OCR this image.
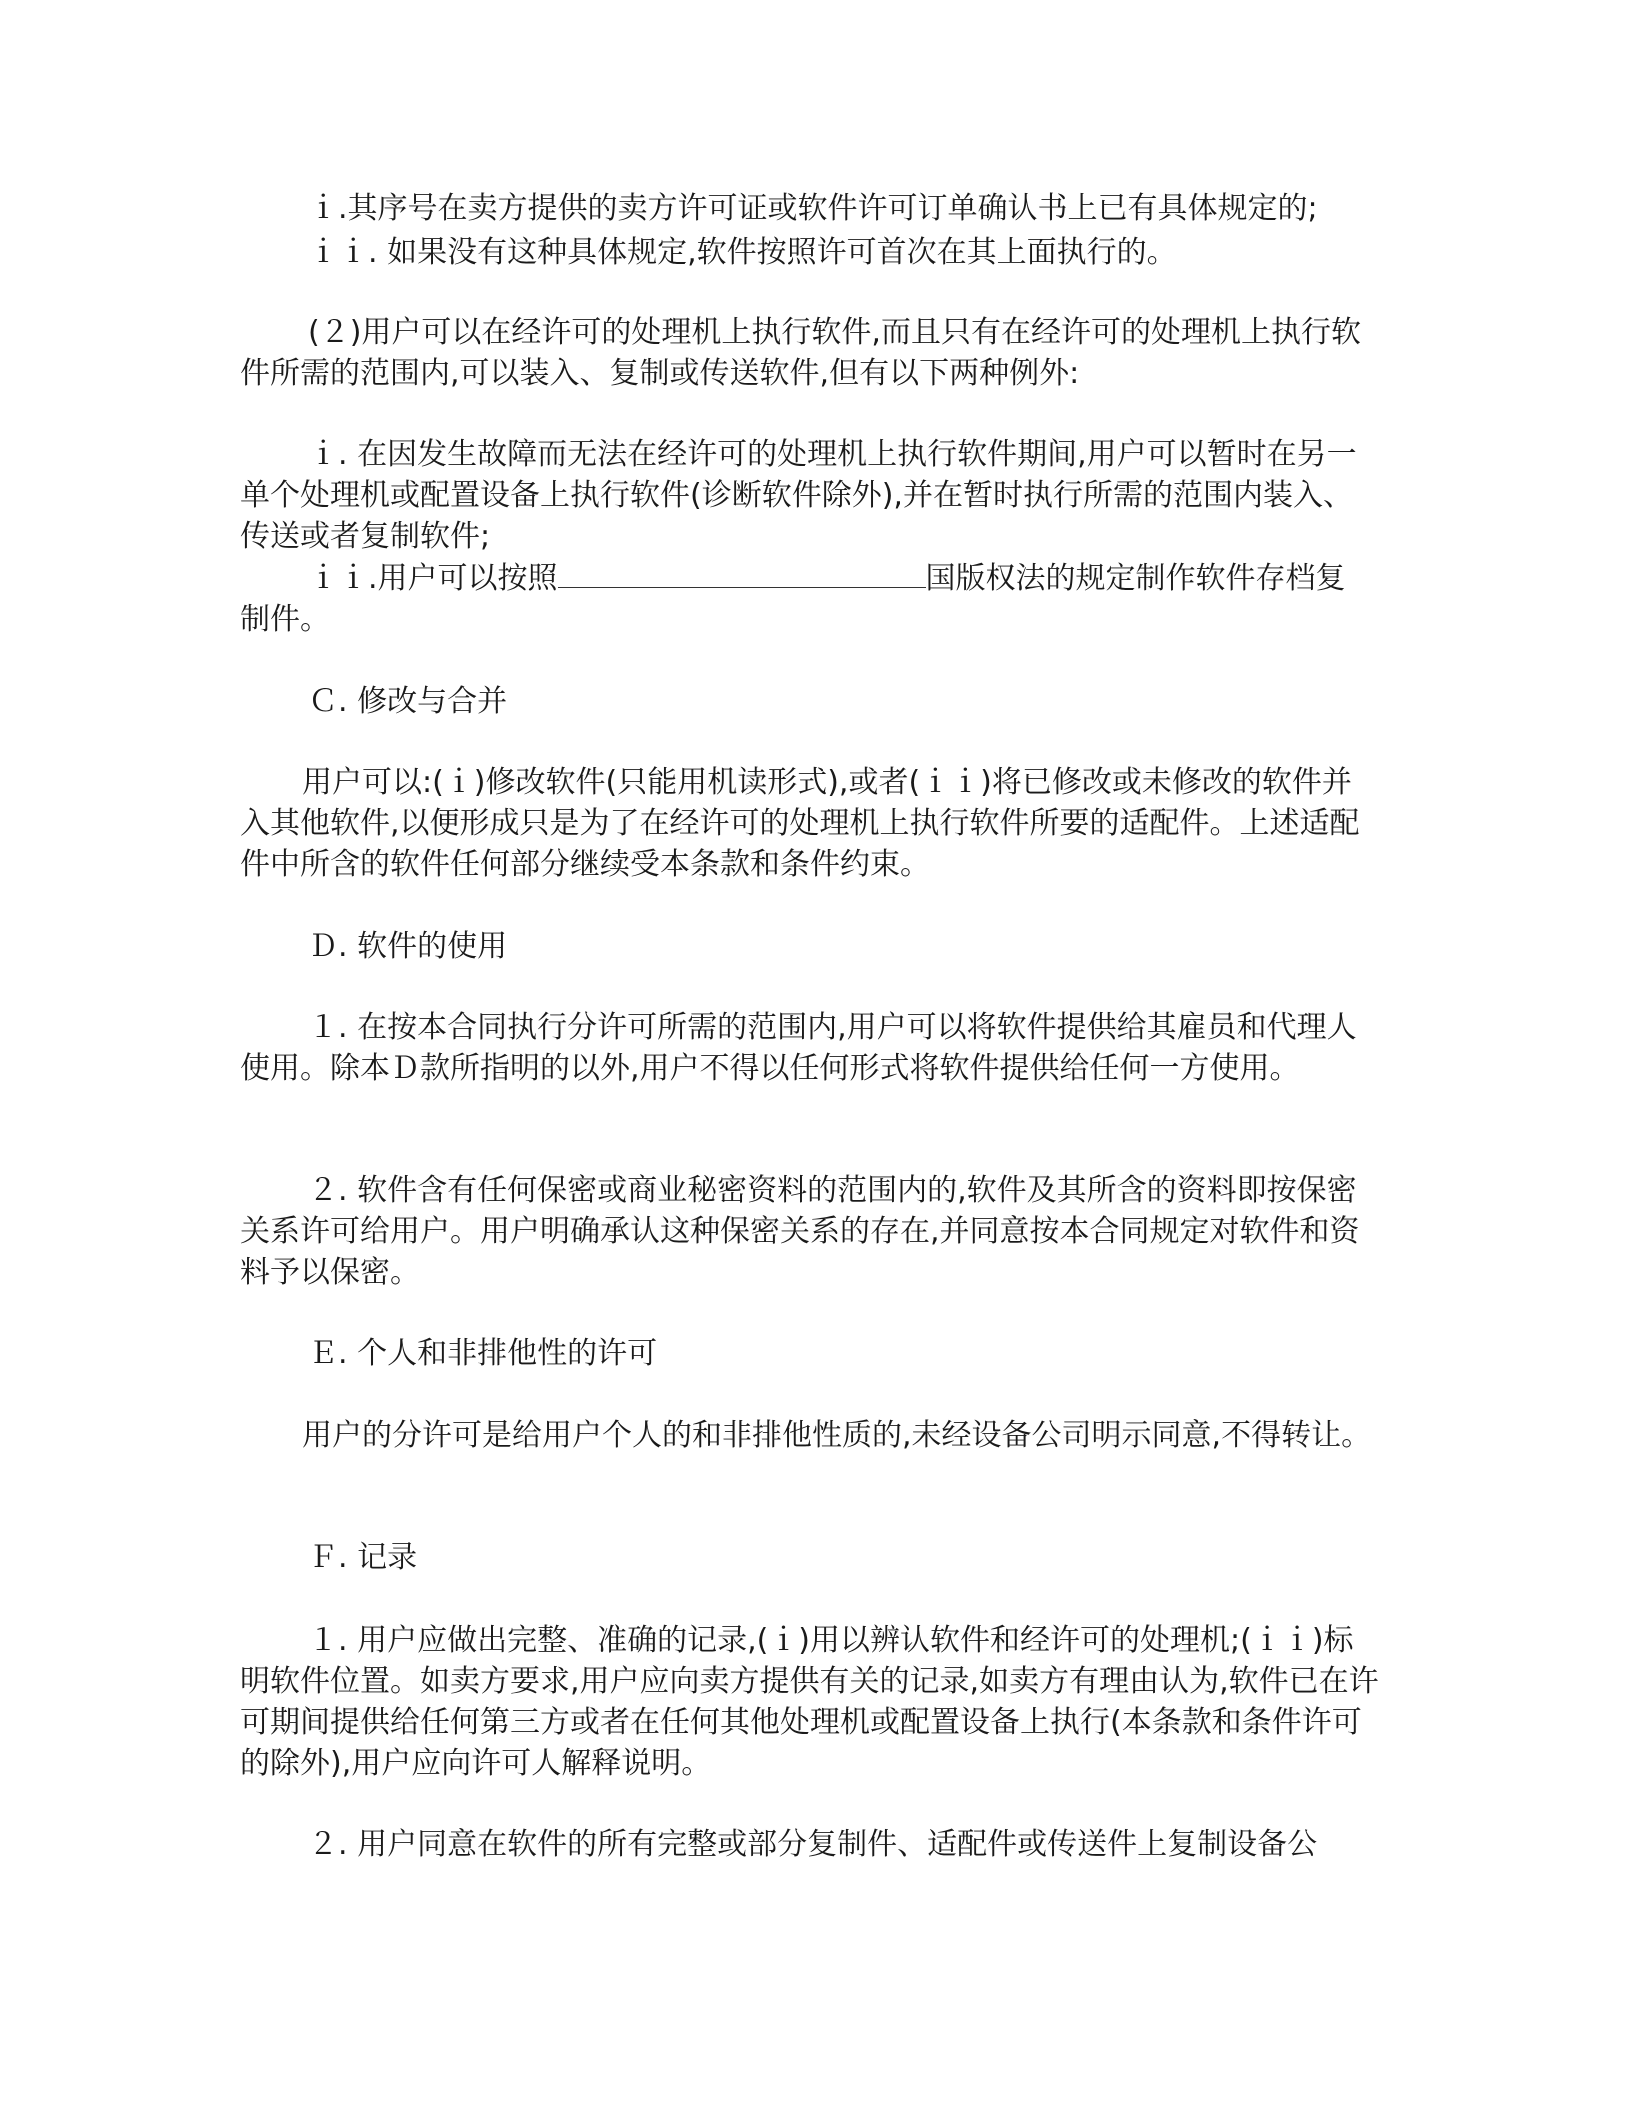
ｉ.其序号在卖方提供的卖方许可证或软件许可订单确认书上已有具体规定的;

ｉｉ. 如果没有这种具体规定,软件按照许可首次在其上面执行的。

(２)用户可以在经许可的处理机上执行软件,而且只有在经许可的处理机上执行软件所需的范围内,可以装入、复制或传送软件,但有以下两种例外:

ｉ. 在因发生故障而无法在经许可的处理机上执行软件期间,用户可以暂时在另一单个处理机或配置设备上执行软件(诊断软件除外),并在暂时执行所需的范围内装入、传送或者复制软件;

ｉｉ.用户可以按照	国版权法的规定制作软件存档复

制件。

Ｃ. 修改与合并

用户可以:(ｉ)修改软件(只能用机读形式),或者(ｉｉ)将已修改或未修改的软件并入其他软件,以便形成只是为了在经许可的处理机上执行软件所要的适配件。上述适配件中所含的软件任何部分继续受本条款和条件约束。

Ｄ. 软件的使用

１. 在按本合同执行分许可所需的范围内,用户可以将软件提供给其雇员和代理人使用。除本Ｄ款所指明的以外,用户不得以任何形式将软件提供给任何一方使用。

２. 软件含有任何保密或商业秘密资料的范围内的,软件及其所含的资料即按保密关系许可给用户。用户明确承认这种保密关系的存在,并同意按本合同规定对软件和资料予以保密。

Ｅ. 个人和非排他性的许可

用户的分许可是给用户个人的和非排他性质的,未经设备公司明示同意,不得转让。

Ｆ. 记录

１. 用户应做出完整、准确的记录,(ｉ)用以辨认软件和经许可的处理机;(ｉｉ)标明软件位置。如卖方要求,用户应向卖方提供有关的记录,如卖方有理由认为,软件已在许可期间提供给任何第三方或者在任何其他处理机或配置设备上执行(本条款和条件许可的除外),用户应向许可人解释说明。

２. 用户同意在软件的所有完整或部分复制件、适配件或传送件上复制设备公
